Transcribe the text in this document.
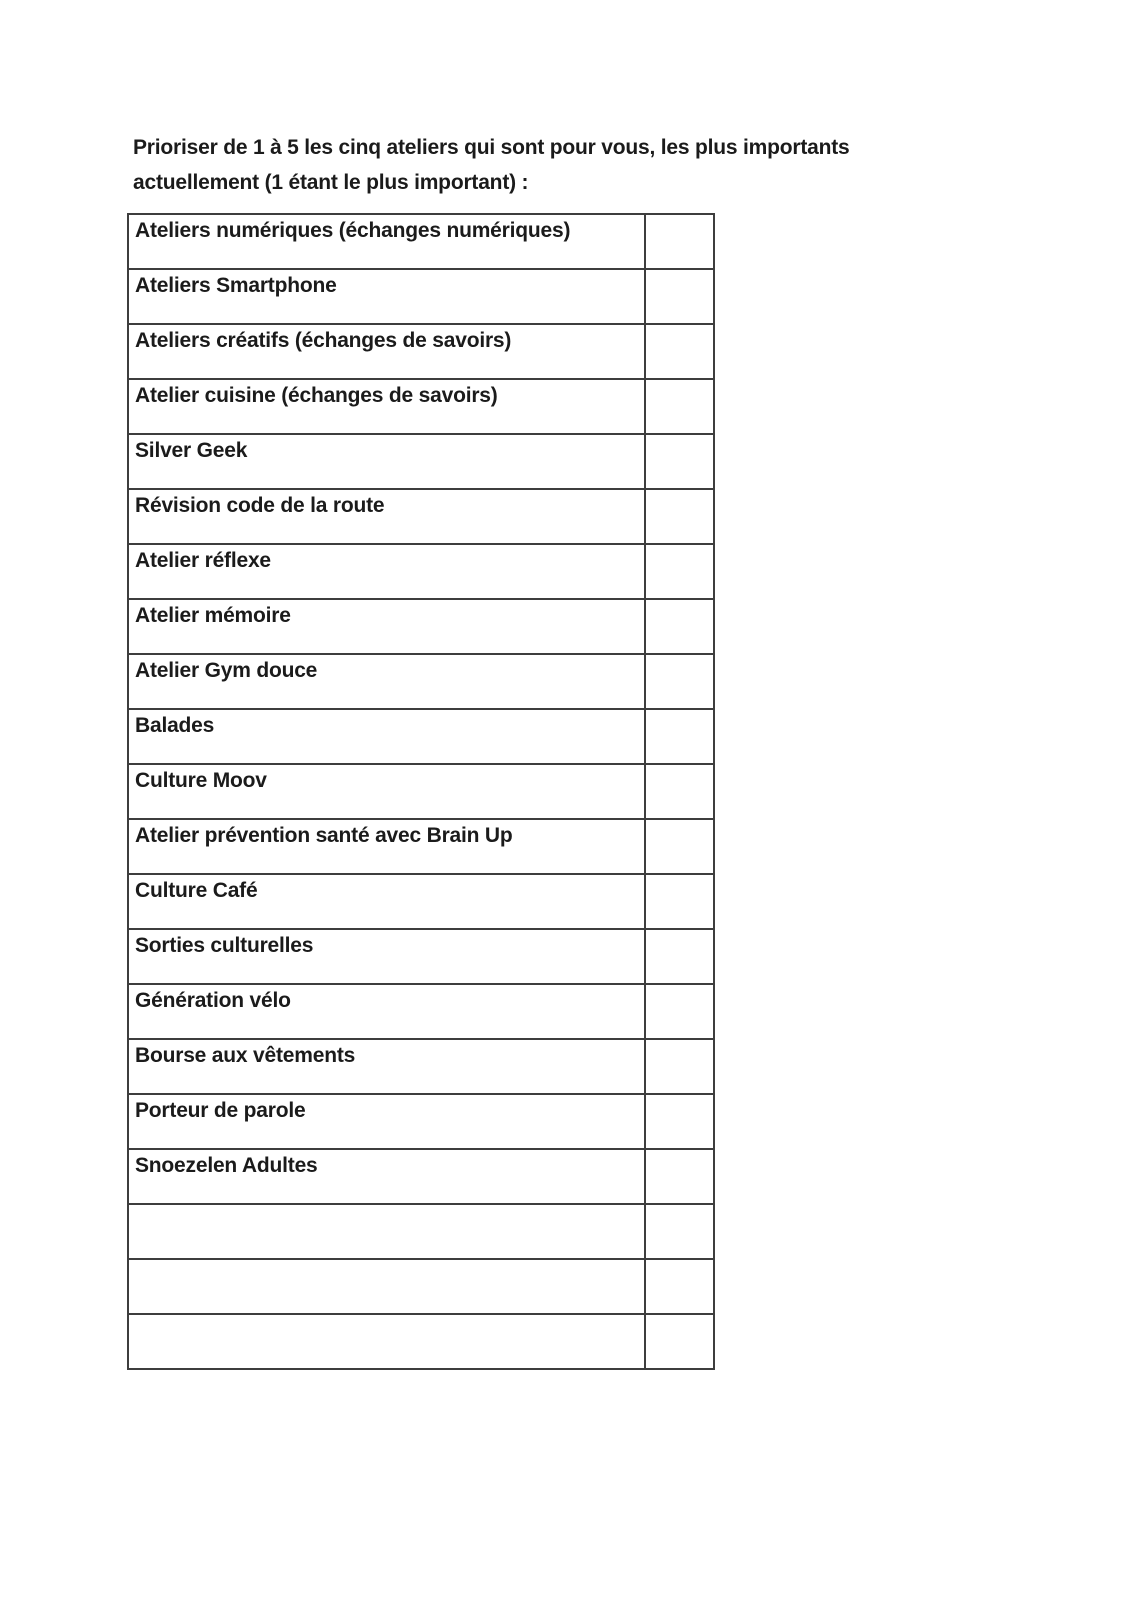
Prioriser de 1 à 5 les cinq ateliers qui sont pour vous, les plus importants actuellement (1 étant le plus important) :
Ateliers numériques (échanges numériques)	
Ateliers Smartphone	
Ateliers créatifs (échanges de savoirs)	
Atelier cuisine (échanges de savoirs)	
Silver Geek	
Révision code de la route	
Atelier réflexe	
Atelier mémoire	
Atelier Gym douce	
Balades	
Culture Moov	
Atelier prévention santé avec Brain Up	
Culture Café	
Sorties culturelles	
Génération vélo	
Bourse aux vêtements	
Porteur de parole	
Snoezelen Adultes	
